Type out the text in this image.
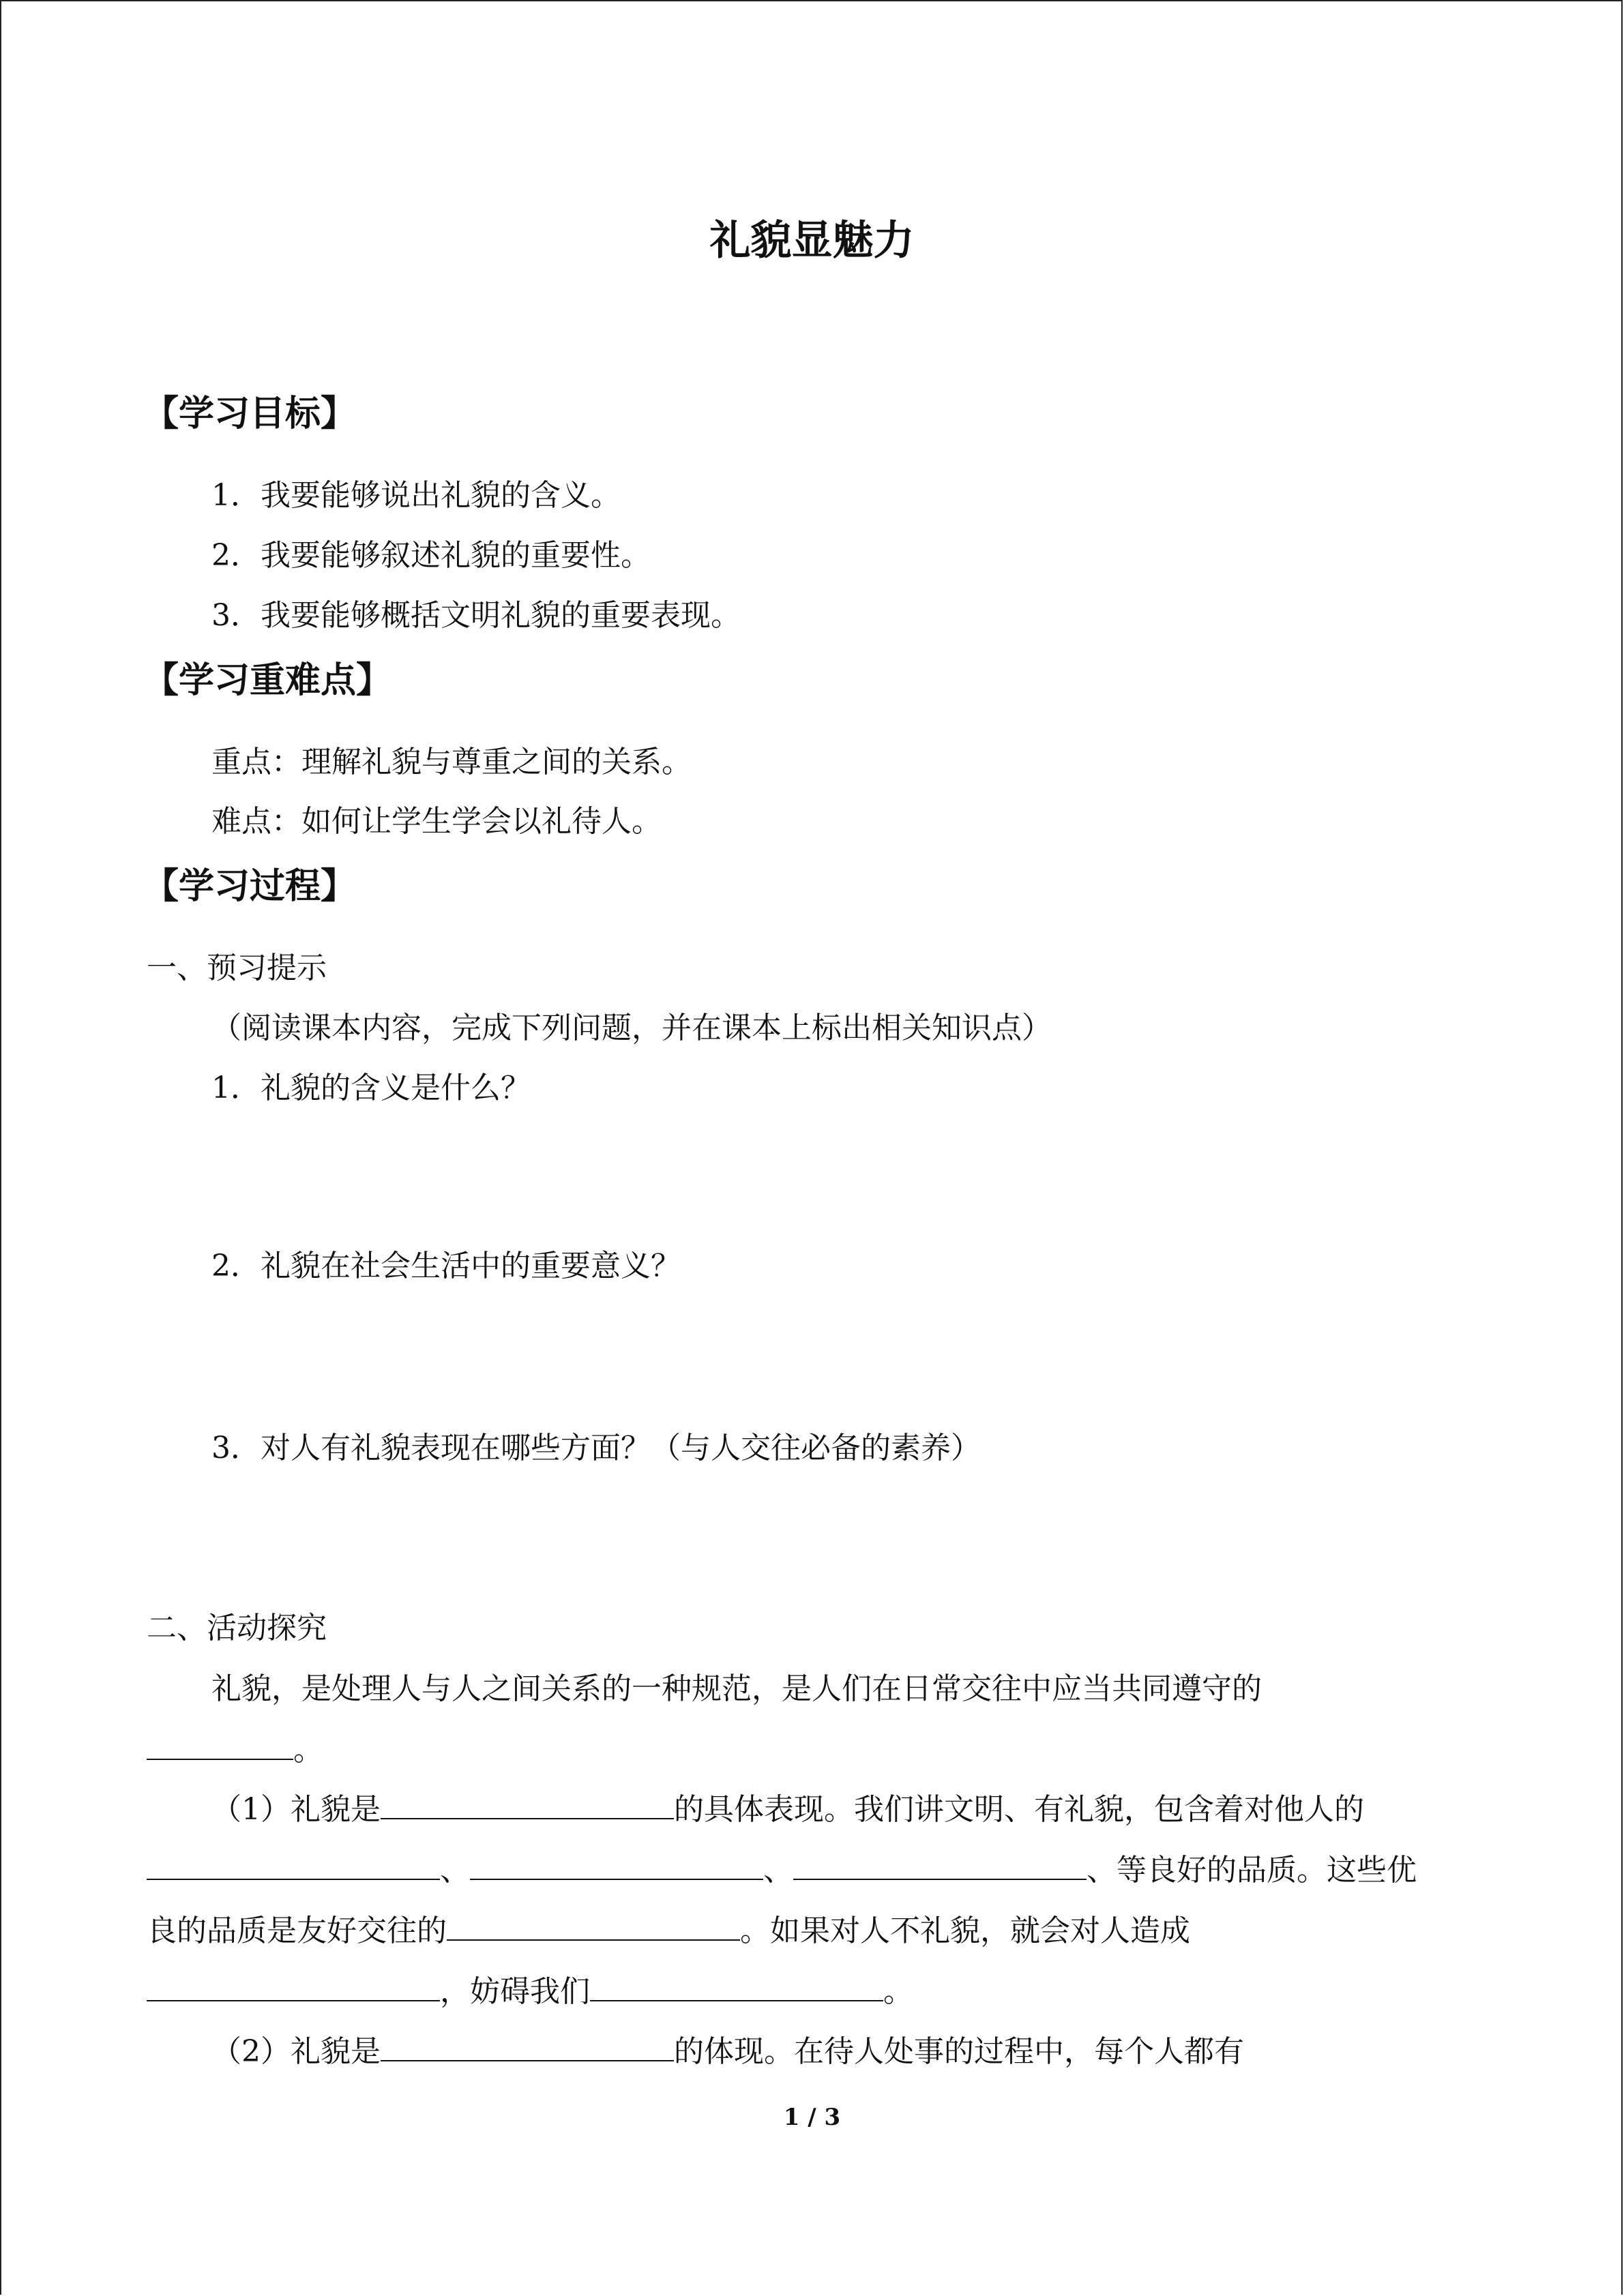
礼貌显魅力
【学习目标】

1．我要能够说出礼貌的含义。

2．我要能够叙述礼貌的重要性。

3．我要能够概括文明礼貌的重要表现。

【学习重难点】

重点：理解礼貌与尊重之间的关系。

难点：如何让学生学会以礼待人。

【学习过程】

一、预习提示

（阅读课本内容，完成下列问题，并在课本上标出相关知识点）

1．礼貌的含义是什么？

2．礼貌在社会生活中的重要意义？

3．对人有礼貌表现在哪些方面？（与人交往必备的素养）

二、活动探究

礼貌，是处理人与人之间关系的一种规范，是人们在日常交往中应当共同遵守的

。

（1）礼貌是	的具体表现。我们讲文明、有礼貌，包含着对他人的

、	、	、等良好的品质。这些优

良的品质是友好交往的	。如果对人不礼貌，就会对人造成

，妨碍我们	。

（2）礼貌是	的体现。在待人处事的过程中，每个人都有

1 / 3
